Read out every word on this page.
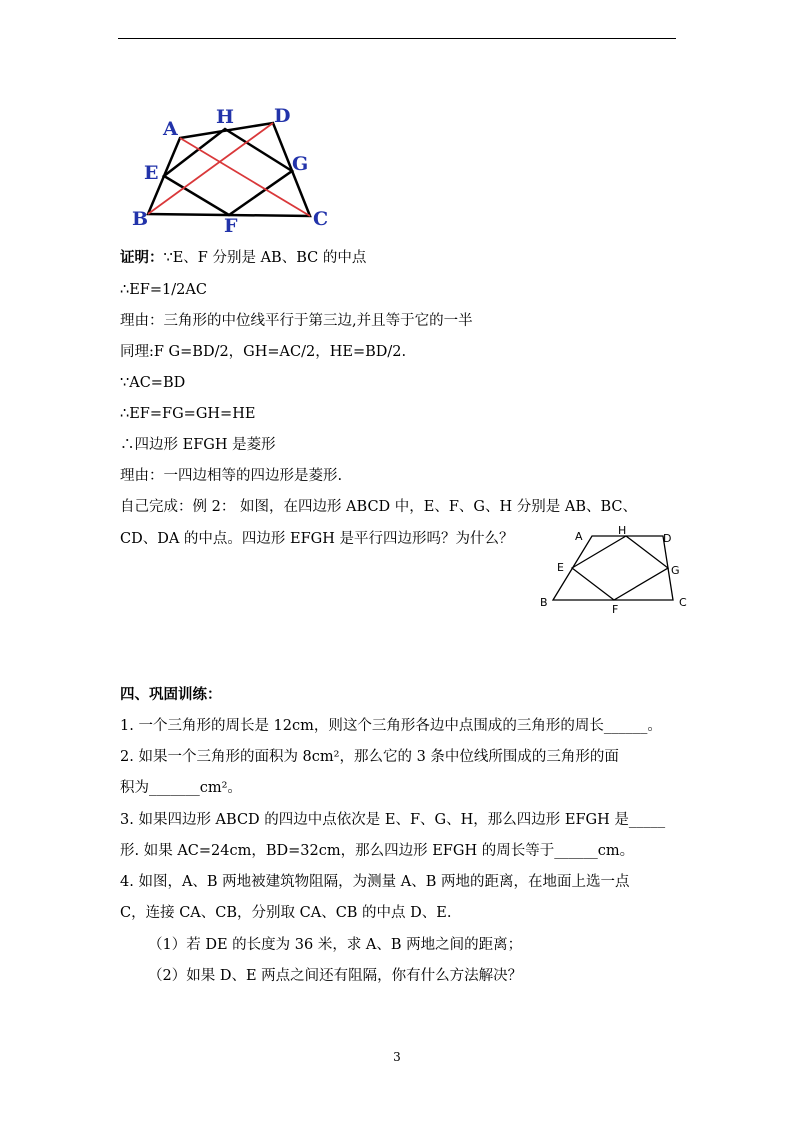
A
H D
E	G
B	F	C
证明：∵E、F 分别是 AB、BC 的中点
∴EF=1/2AC
理由：三角形的中位线平行于第三边,并且等于它的一半
同理:F G=BD/2，GH=AC/2，HE=BD/2.
∵AC=BD
∴EF=FG=GH=HE
∴四边形 EFGH 是菱形
理由：一四边相等的四边形是菱形.
自己完成：例 2： 如图，在四边形 ABCD 中，E、F、G、H 分别是 AB、BC、
CD、DA 的中点。四边形 EFGH 是平行四边形吗？为什么？	A	H
D
E	G
B
F
C
四、巩固训练：
1. 一个三角形的周长是 12cm，则这个三角形各边中点围成的三角形的周长______。
2. 如果一个三角形的面积为 8cm²，那么它的 3 条中位线所围成的三角形的面
积为_______cm²。
3. 如果四边形 ABCD 的四边中点依次是 E、F、G、H，那么四边形 EFGH 是_____
形. 如果 AC=24cm，BD=32cm，那么四边形 EFGH 的周长等于______cm。
4. 如图，A、B 两地被建筑物阻隔，为测量 A、B 两地的距离，在地面上选一点
C，连接 CA、CB，分别取 CA、CB 的中点 D、E.
（1）若 DE 的长度为 36 米，求 A、B 两地之间的距离；
（2）如果 D、E 两点之间还有阻隔，你有什么方法解决？
3
